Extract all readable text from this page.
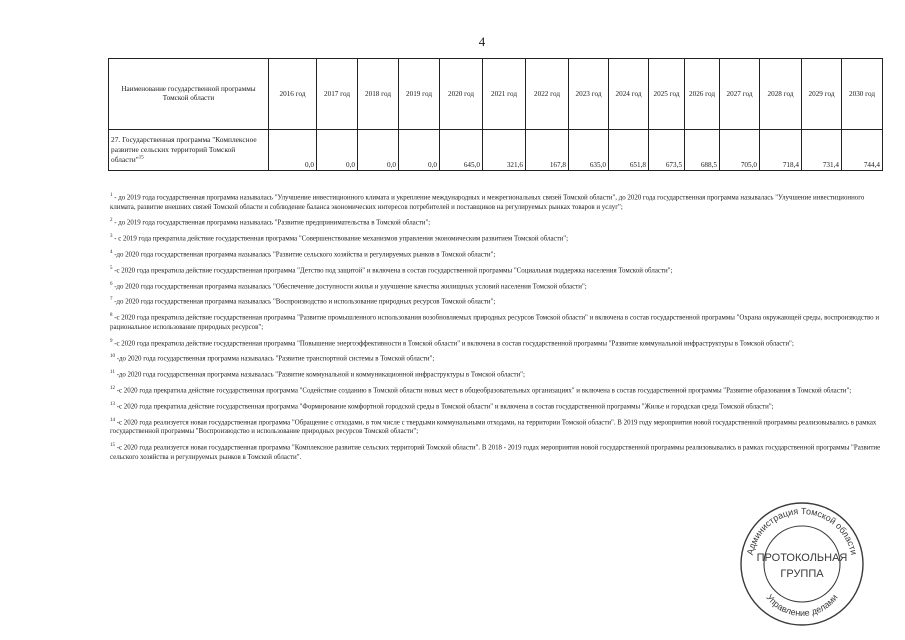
4
Наименование государственной программы Томской области	2016 год	2017 год	2018 год	2019 год	2020 год	2021 год	2022 год	2023 год	2024 год	2025 год	2026 год	2027 год	2028 год	2029 год	2030 год
27. Государственная программа "Комплексное развитие сельских территорий Томской области"$^{15}$	0,0	0,0	0,0	0,0	645,0	321,6	167,8	635,0	651,8	673,5	688,5	705,0	718,4	731,4	744,4

$^1$ - до 2019 года государственная программа называлась "Улучшение инвестиционного климата и укрепление международных и межрегиональных связей Томской области", до 2020 года государственная программа называлась "Улучшение инвестиционного климата, развитие внешних связей Томской области и соблюдение баланса экономических интересов потребителей и поставщиков на регулируемых рынках товаров и услуг";

$^2$ - до 2019 года государственная программа называлась "Развитие предпринимательства в Томской области";

$^3$ - с 2019 года прекратила действие государственная программа "Совершенствование механизмов управления экономическим развитием Томской области";

$^4$ -до 2020 года государственная программа называлась "Развитие сельского хозяйства и регулируемых рынков в Томской области";

$^5$ -с 2020 года прекратила действие государственная программа "Детство под защитой" и включена в состав государственной программы "Социальная поддержка населения Томской области";

$^6$ -до 2020 года государственная программа называлась "Обеспечение доступности жилья и улучшение качества жилищных условий населения Томской области";

$^7$ -до 2020 года государственная программа называлась "Воспроизводство и использование природных ресурсов Томской области";

$^8$ -с 2020 года прекратила действие государственная программа "Развитие промышленного использования возобновляемых природных ресурсов Томской области" и включена в состав государственной программы "Охрана окружающей среды, воспроизводство и рациональное использование природных ресурсов";

$^9$ -с 2020 года прекратила действие государственная программа "Повышение энергоэффективности в Томской области" и включена в состав государственной программы "Развитие коммунальной инфраструктуры в Томской области";

$^{10}$ -до 2020 года государственная программа называлась "Развитие транспортной системы в Томской области";

$^{11}$ -до 2020 года государственная программа называлась "Развитие коммунальной и коммуникационной инфраструктуры в Томской области";

$^{12}$ -с 2020 года прекратила действие государственная программа "Содействие созданию в Томской области новых мест в общеобразовательных организациях" и включена в состав государственной программы "Развитие образования в Томской области";

$^{13}$ -с 2020 года прекратила действие государственная программа "Формирование комфортной городской среды в Томской области" и включена в состав государственной программы "Жилье и городская среда Томской области";

$^{14}$ -с 2020 года реализуется новая государственная программа "Обращение с отходами, в том числе с твердыми коммунальными отходами, на территории Томской области". В 2019 году мероприятия новой государственной программы реализовывались в рамках государственной программы "Воспроизводство и использование природных ресурсов Томской области";

$^{15}$ -с 2020 года реализуется новая государственная программа "Комплексное развитие сельских территорий Томской области". В 2018 - 2019 годах мероприятия новой государственной программы реализовывались в рамках государственной программы "Развитие сельского хозяйства и регулируемых рынков в Томской области".

Администрация Томской области
Управление делами
ПРОТОКОЛЬНАЯ
ГРУППА
